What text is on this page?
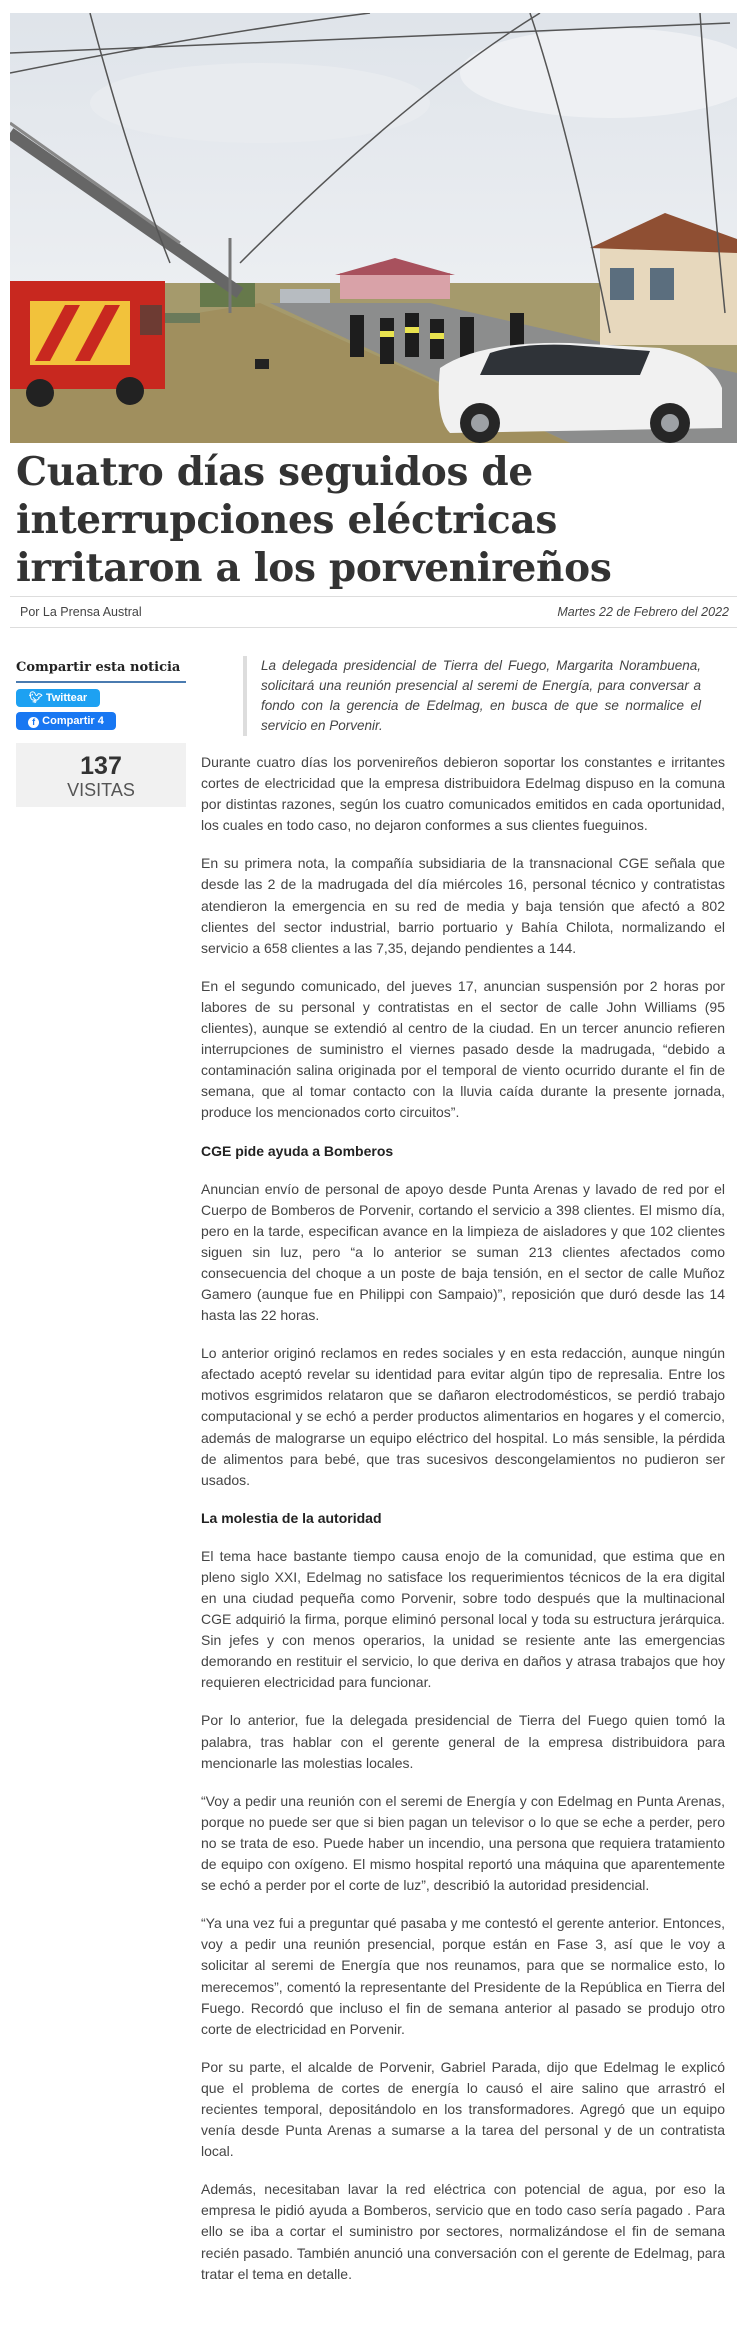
Cuatro días seguidos de interrupciones eléctricas irritaron a los porvenireños
Por La Prensa Austral	Martes 22 de Febrero del 2022
Compartir esta noticia
🐦︎ Twittear
f Compartir 4
137
VISITAS
La delegada presidencial de Tierra del Fuego, Margarita Norambuena, solicitará una reunión presencial al seremi de Energía, para conversar a fondo con la gerencia de Edelmag, en busca de que se normalice el servicio en Porvenir.

Durante cuatro días los porvenireños debieron soportar los constantes e irritantes cortes de electricidad que la empresa distribuidora Edelmag dispuso en la comuna por distintas razones, según los cuatro comunicados emitidos en cada oportunidad, los cuales en todo caso, no dejaron conformes a sus clientes fueguinos.

En su primera nota, la compañía subsidiaria de la transnacional CGE señala que desde las 2 de la madrugada del día miércoles 16, personal técnico y contratistas atendieron la emergencia en su red de media y baja tensión que afectó a 802 clientes del sector industrial, barrio portuario y Bahía Chilota, normalizando el servicio a 658 clientes a las 7,35, dejando pendientes a 144.

En el segundo comunicado, del jueves 17, anuncian suspensión por 2 horas por labores de su personal y contratistas en el sector de calle John Williams (95 clientes), aunque se extendió al centro de la ciudad. En un tercer anuncio refieren interrupciones de suministro el viernes pasado desde la madrugada, “debido a contaminación salina originada por el temporal de viento ocurrido durante el fin de semana, que al tomar contacto con la lluvia caída durante la presente jornada, produce los mencionados corto circuitos”.

CGE pide ayuda a Bomberos

Anuncian envío de personal de apoyo desde Punta Arenas y lavado de red por el Cuerpo de Bomberos de Porvenir, cortando el servicio a 398 clientes. El mismo día, pero en la tarde, especifican avance en la limpieza de aisladores y que 102 clientes siguen sin luz, pero “a lo anterior se suman 213 clientes afectados como consecuencia del choque a un poste de baja tensión, en el sector de calle Muñoz Gamero (aunque fue en Philippi con Sampaio)”, reposición que duró desde las 14 hasta las 22 horas.

Lo anterior originó reclamos en redes sociales y en esta redacción, aunque ningún afectado aceptó revelar su identidad para evitar algún tipo de represalia. Entre los motivos esgrimidos relataron que se dañaron electrodomésticos, se perdió trabajo computacional y se echó a perder productos alimentarios en hogares y el comercio, además de malograrse un equipo eléctrico del hospital. Lo más sensible, la pérdida de alimentos para bebé, que tras sucesivos descongelamientos no pudieron ser usados.

La molestia de la autoridad

El tema hace bastante tiempo causa enojo de la comunidad, que estima que en pleno siglo XXI, Edelmag no satisface los requerimientos técnicos de la era digital en una ciudad pequeña como Porvenir, sobre todo después que la multinacional CGE adquirió la firma, porque eliminó personal local y toda su estructura jerárquica. Sin jefes y con menos operarios, la unidad se resiente ante las emergencias demorando en restituir el servicio, lo que deriva en daños y atrasa trabajos que hoy requieren electricidad para funcionar.

Por lo anterior, fue la delegada presidencial de Tierra del Fuego quien tomó la palabra, tras hablar con el gerente general de la empresa distribuidora para mencionarle las molestias locales.

“Voy a pedir una reunión con el seremi de Energía y con Edelmag en Punta Arenas, porque no puede ser que si bien pagan un televisor o lo que se eche a perder, pero no se trata de eso. Puede haber un incendio, una persona que requiera tratamiento de equipo con oxígeno. El mismo hospital reportó una máquina que aparentemente se echó a perder por el corte de luz”, describió la autoridad presidencial.

“Ya una vez fui a preguntar qué pasaba y me contestó el gerente anterior. Entonces, voy a pedir una reunión presencial, porque están en Fase 3, así que le voy a solicitar al seremi de Energía que nos reunamos, para que se normalice esto, lo merecemos”, comentó la representante del Presidente de la República en Tierra del Fuego. Recordó que incluso el fin de semana anterior al pasado se produjo otro corte de electricidad en Porvenir.

Por su parte, el alcalde de Porvenir, Gabriel Parada, dijo que Edelmag le explicó que el problema de cortes de energía lo causó el aire salino que arrastró el recientes temporal, depositándolo en los transformadores. Agregó que un equipo venía desde Punta Arenas a sumarse a la tarea del personal y de un contratista local.

Además, necesitaban lavar la red eléctrica con potencial de agua, por eso la empresa le pidió ayuda a Bomberos, servicio que en todo caso sería pagado . Para ello se iba a cortar el suministro por sectores, normalizándose el fin de semana recién pasado. También anunció una conversación con el gerente de Edelmag, para tratar el tema en detalle.
